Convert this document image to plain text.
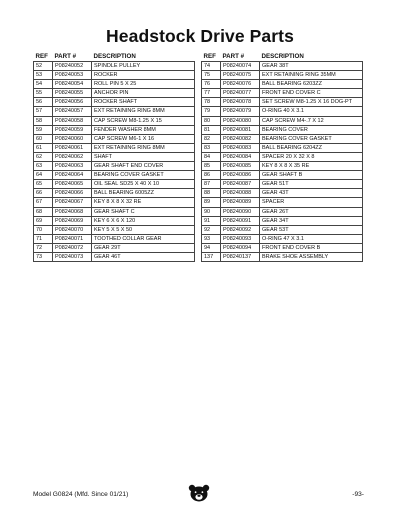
Headstock Drive Parts
REF	PART #	DESCRIPTION
52	P08240052	SPINDLE PULLEY
53	P08240053	ROCKER
54	P08240054	ROLL PIN 5 X 25
55	P08240055	ANCHOR PIN
56	P08240056	ROCKER SHAFT
57	P08240057	EXT RETAINING RING 8MM
58	P08240058	CAP SCREW M8-1.25 X 15
59	P08240059	FENDER WASHER 8MM
60	P08240060	CAP SCREW M6-1 X 16
61	P08240061	EXT RETAINING RING 8MM
62	P08240062	SHAFT
63	P08240063	GEAR SHAFT END COVER
64	P08240064	BEARING COVER GASKET
65	P08240065	OIL SEAL SD25 X 40 X 10
66	P08240066	BALL BEARING 6005ZZ
67	P08240067	KEY 8 X 8 X 32 RE
68	P08240068	GEAR SHAFT C
69	P08240069	KEY 6 X 6 X 120
70	P08240070	KEY 5 X 5 X 50
71	P08240071	TOOTHED COLLAR GEAR
72	P08240072	GEAR 29T
73	P08240073	GEAR 46T
REF	PART #	DESCRIPTION
74	P08240074	GEAR 38T
75	P08240075	EXT RETAINING RING 35MM
76	P08240076	BALL BEARING 6203ZZ
77	P08240077	FRONT END COVER C
78	P08240078	SET SCREW M8-1.25 X 16 DOG-PT
79	P08240079	O-RING 40 X 3.1
80	P08240080	CAP SCREW M4-.7 X 12
81	P08240081	BEARING COVER
82	P08240082	BEARING COVER GASKET
83	P08240083	BALL BEARING 6204ZZ
84	P08240084	SPACER 20 X 32 X 8
85	P08240085	KEY 8 X 8 X 35 RE
86	P08240086	GEAR SHAFT B
87	P08240087	GEAR 51T
88	P08240088	GEAR 43T
89	P08240089	SPACER
90	P08240090	GEAR 26T
91	P08240091	GEAR 34T
92	P08240092	GEAR 53T
93	P08240093	O-RING 47 X 3.1
94	P08240094	FRONT END COVER B
137	P08240137	BRAKE SHOE ASSEMBLY
Model G0824 (Mfd. Since 01/21)	-93-
